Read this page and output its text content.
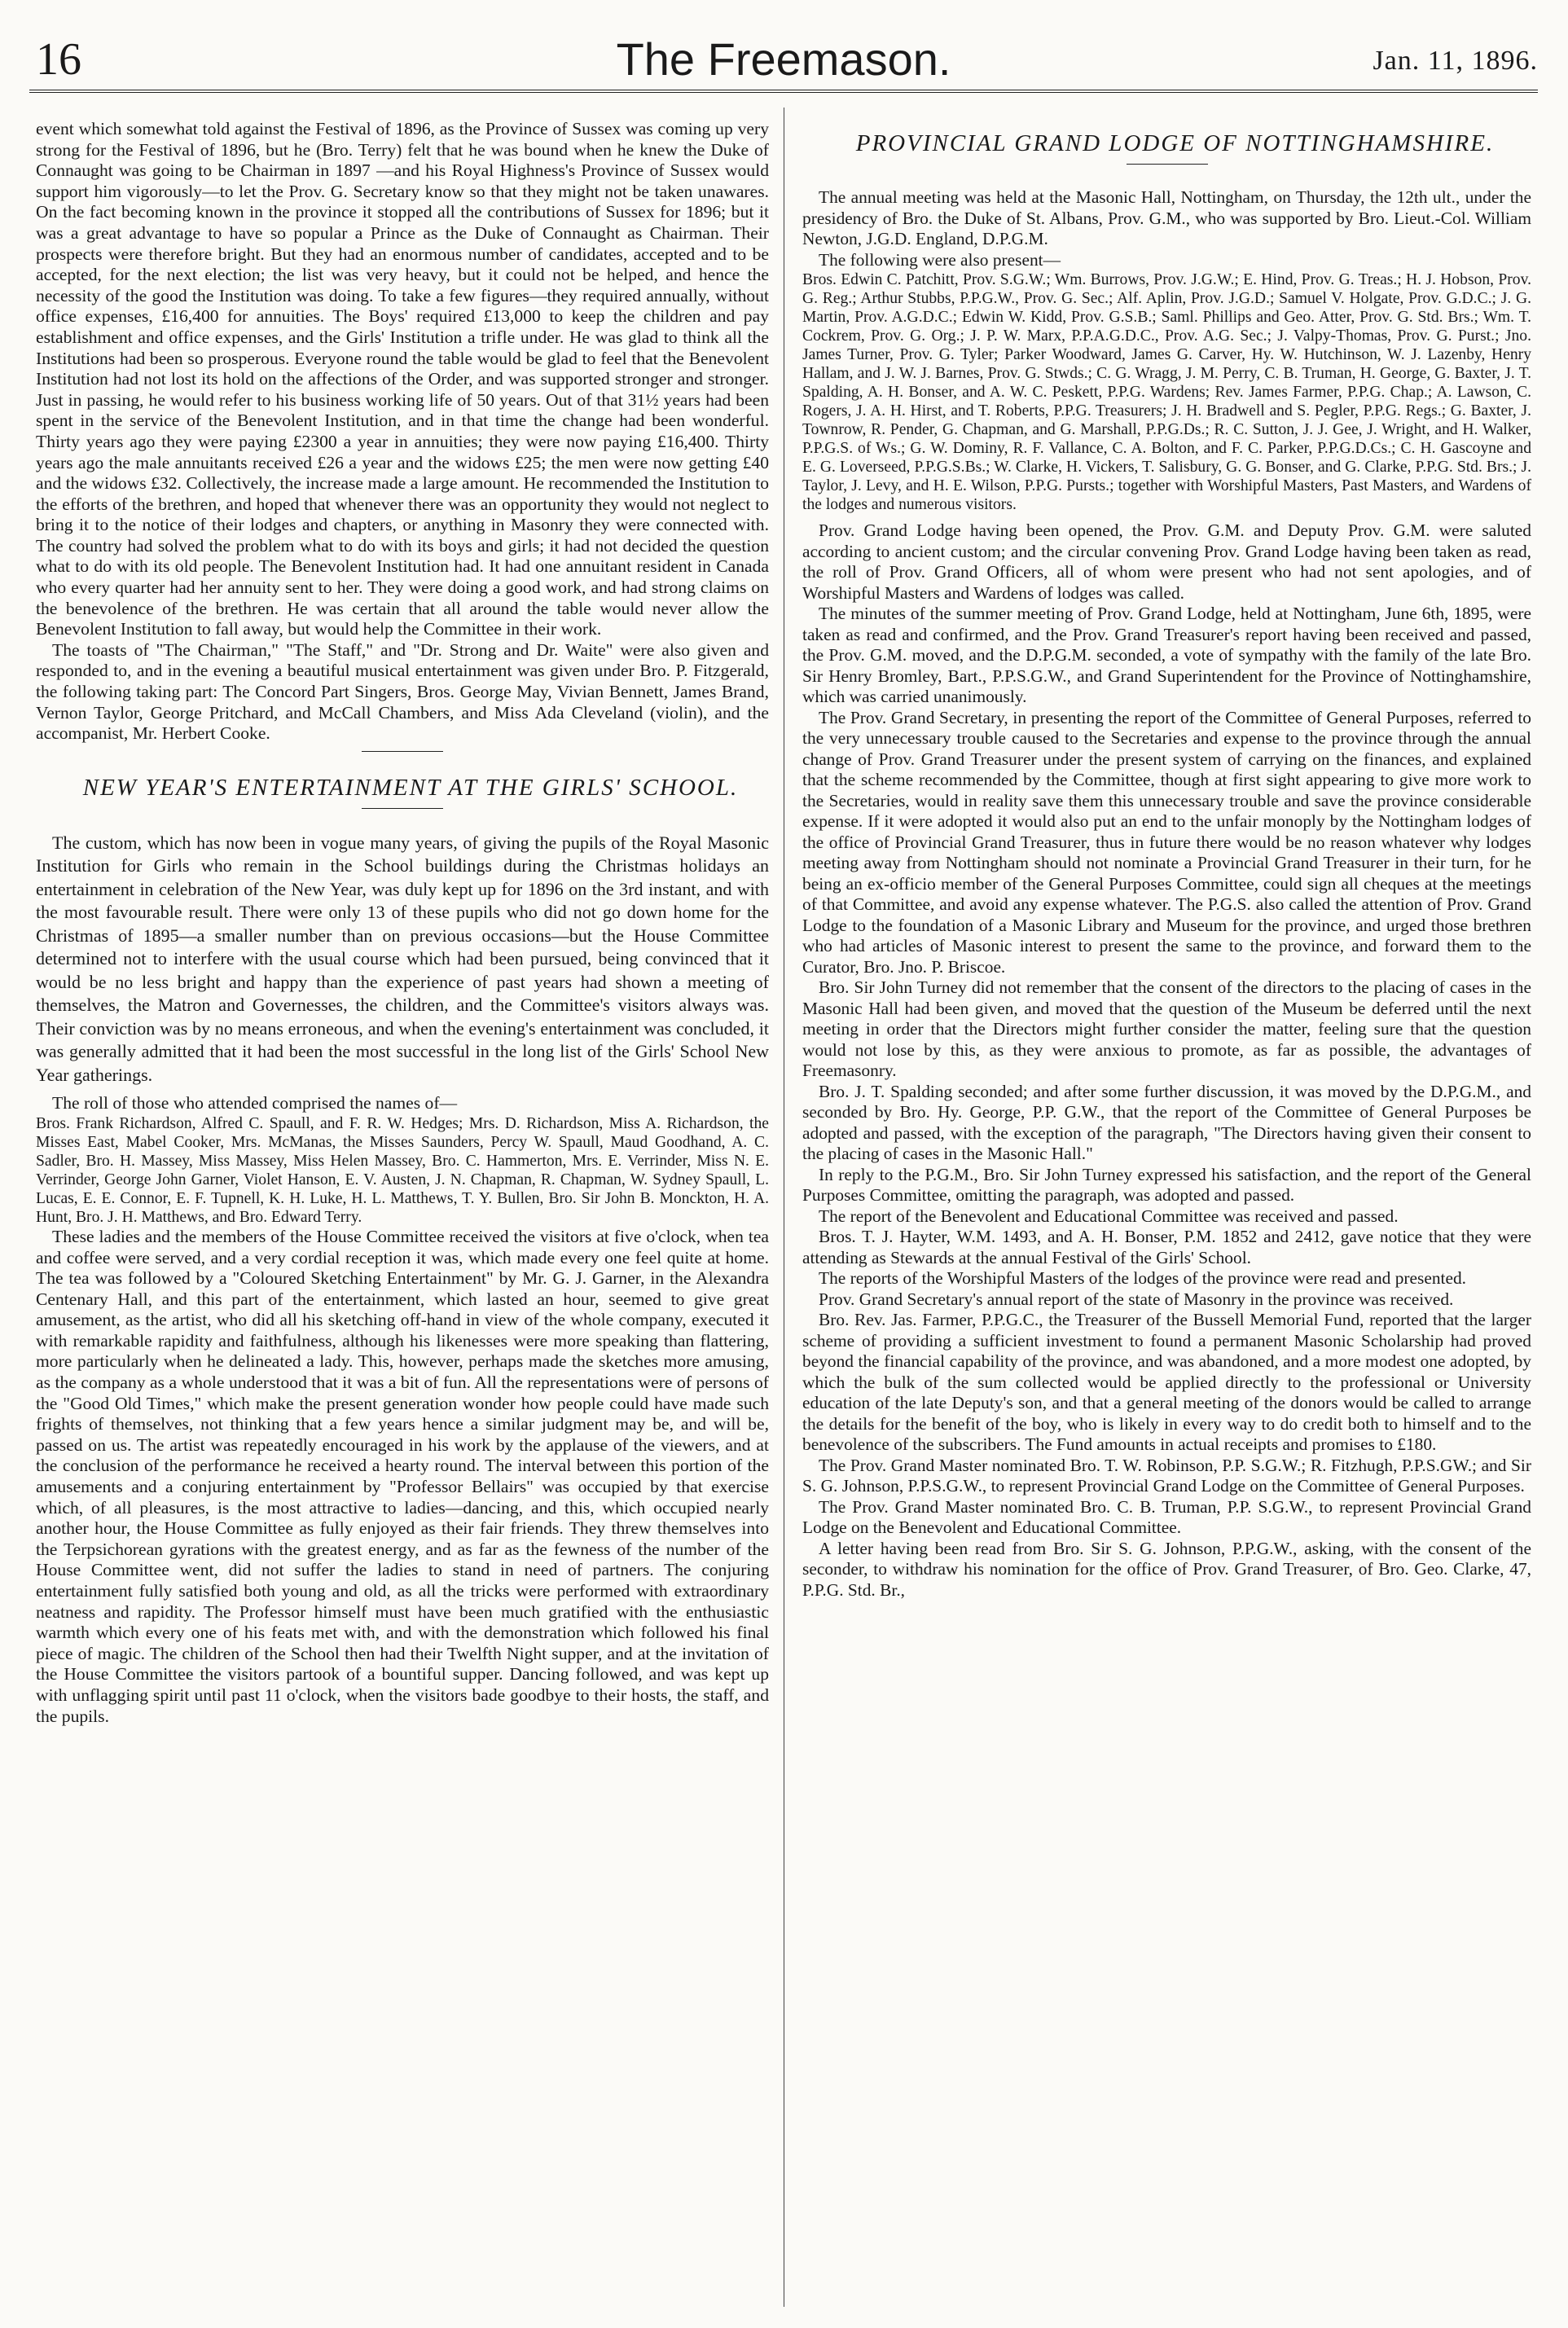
16	The Freemason.	Jan. 11, 1896.

event which somewhat told against the Festival of 1896, as the Province of Sussex was coming up very strong for the Festival of 1896, but he (Bro. Terry) felt that he was bound when he knew the Duke of Connaught was going to be Chairman in 1897 —and his Royal Highness's Province of Sussex would support him vigorously—to let the Prov. G. Secretary know so that they might not be taken unawares. On the fact becoming known in the province it stopped all the contributions of Sussex for 1896; but it was a great advantage to have so popular a Prince as the Duke of Connaught as Chairman. Their prospects were therefore bright. But they had an enormous number of candidates, accepted and to be accepted, for the next election; the list was very heavy, but it could not be helped, and hence the necessity of the good the Institution was doing. To take a few figures—they required annually, without office expenses, £16,400 for annuities. The Boys' required £13,000 to keep the children and pay establishment and office expenses, and the Girls' Institution a trifle under. He was glad to think all the Institutions had been so prosperous. Everyone round the table would be glad to feel that the Benevolent Institution had not lost its hold on the affections of the Order, and was supported stronger and stronger. Just in passing, he would refer to his business working life of 50 years. Out of that 31½ years had been spent in the service of the Benevolent Institution, and in that time the change had been wonderful. Thirty years ago they were paying £2300 a year in annuities; they were now paying £16,400. Thirty years ago the male annuitants received £26 a year and the widows £25; the men were now getting £40 and the widows £32. Collectively, the increase made a large amount. He recommended the Institution to the efforts of the brethren, and hoped that whenever there was an opportunity they would not neglect to bring it to the notice of their lodges and chapters, or anything in Masonry they were connected with. The country had solved the problem what to do with its boys and girls; it had not decided the question what to do with its old people. The Benevolent Institution had. It had one annuitant resident in Canada who every quarter had her annuity sent to her. They were doing a good work, and had strong claims on the benevolence of the brethren. He was certain that all around the table would never allow the Benevolent Institution to fall away, but would help the Committee in their work.

The toasts of "The Chairman," "The Staff," and "Dr. Strong and Dr. Waite" were also given and responded to, and in the evening a beautiful musical entertainment was given under Bro. P. Fitzgerald, the following taking part: The Concord Part Singers, Bros. George May, Vivian Bennett, James Brand, Vernon Taylor, George Pritchard, and McCall Chambers, and Miss Ada Cleveland (violin), and the accompanist, Mr. Herbert Cooke.

NEW YEAR'S ENTERTAINMENT AT THE GIRLS' SCHOOL.

The custom, which has now been in vogue many years, of giving the pupils of the Royal Masonic Institution for Girls who remain in the School buildings during the Christmas holidays an entertainment in celebration of the New Year, was duly kept up for 1896 on the 3rd instant, and with the most favourable result. There were only 13 of these pupils who did not go down home for the Christmas of 1895—a smaller number than on previous occasions—but the House Committee determined not to interfere with the usual course which had been pursued, being convinced that it would be no less bright and happy than the experience of past years had shown a meeting of themselves, the Matron and Governesses, the children, and the Committee's visitors always was. Their conviction was by no means erroneous, and when the evening's entertainment was concluded, it was generally admitted that it had been the most successful in the long list of the Girls' School New Year gatherings.

The roll of those who attended comprised the names of—

Bros. Frank Richardson, Alfred C. Spaull, and F. R. W. Hedges; Mrs. D. Richardson, Miss A. Richardson, the Misses East, Mabel Cooker, Mrs. McManas, the Misses Saunders, Percy W. Spaull, Maud Goodhand, A. C. Sadler, Bro. H. Massey, Miss Massey, Miss Helen Massey, Bro. C. Hammerton, Mrs. E. Verrinder, Miss N. E. Verrinder, George John Garner, Violet Hanson, E. V. Austen, J. N. Chapman, R. Chapman, W. Sydney Spaull, L. Lucas, E. E. Connor, E. F. Tupnell, K. H. Luke, H. L. Matthews, T. Y. Bullen, Bro. Sir John B. Monckton, H. A. Hunt, Bro. J. H. Matthews, and Bro. Edward Terry.

These ladies and the members of the House Committee received the visitors at five o'clock, when tea and coffee were served, and a very cordial reception it was, which made every one feel quite at home. The tea was followed by a "Coloured Sketching Entertainment" by Mr. G. J. Garner, in the Alexandra Centenary Hall, and this part of the entertainment, which lasted an hour, seemed to give great amusement, as the artist, who did all his sketching off-hand in view of the whole company, executed it with remarkable rapidity and faithfulness, although his likenesses were more speaking than flattering, more particularly when he delineated a lady. This, however, perhaps made the sketches more amusing, as the company as a whole understood that it was a bit of fun. All the representations were of persons of the "Good Old Times," which make the present generation wonder how people could have made such frights of themselves, not thinking that a few years hence a similar judgment may be, and will be, passed on us. The artist was repeatedly encouraged in his work by the applause of the viewers, and at the conclusion of the performance he received a hearty round. The interval between this portion of the amusements and a conjuring entertainment by "Professor Bellairs" was occupied by that exercise which, of all pleasures, is the most attractive to ladies—dancing, and this, which occupied nearly another hour, the House Committee as fully enjoyed as their fair friends. They threw themselves into the Terpsichorean gyrations with the greatest energy, and as far as the fewness of the number of the House Committee went, did not suffer the ladies to stand in need of partners. The conjuring entertainment fully satisfied both young and old, as all the tricks were performed with extraordinary neatness and rapidity. The Professor himself must have been much gratified with the enthusiastic warmth which every one of his feats met with, and with the demonstration which followed his final piece of magic. The children of the School then had their Twelfth Night supper, and at the invitation of the House Committee the visitors partook of a bountiful supper. Dancing followed, and was kept up with unflagging spirit until past 11 o'clock, when the visitors bade goodbye to their hosts, the staff, and the pupils.

PROVINCIAL GRAND LODGE OF NOTTINGHAMSHIRE.

The annual meeting was held at the Masonic Hall, Nottingham, on Thursday, the 12th ult., under the presidency of Bro. the Duke of St. Albans, Prov. G.M., who was supported by Bro. Lieut.-Col. William Newton, J.G.D. England, D.P.G.M.

The following were also present—

Bros. Edwin C. Patchitt, Prov. S.G.W.; Wm. Burrows, Prov. J.G.W.; E. Hind, Prov. G. Treas.; H. J. Hobson, Prov. G. Reg.; Arthur Stubbs, P.P.G.W., Prov. G. Sec.; Alf. Aplin, Prov. J.G.D.; Samuel V. Holgate, Prov. G.D.C.; J. G. Martin, Prov. A.G.D.C.; Edwin W. Kidd, Prov. G.S.B.; Saml. Phillips and Geo. Atter, Prov. G. Std. Brs.; Wm. T. Cockrem, Prov. G. Org.; J. P. W. Marx, P.P.A.G.D.C., Prov. A.G. Sec.; J. Valpy-Thomas, Prov. G. Purst.; Jno. James Turner, Prov. G. Tyler; Parker Woodward, James G. Carver, Hy. W. Hutchinson, W. J. Lazenby, Henry Hallam, and J. W. J. Barnes, Prov. G. Stwds.; C. G. Wragg, J. M. Perry, C. B. Truman, H. George, G. Baxter, J. T. Spalding, A. H. Bonser, and A. W. C. Peskett, P.P.G. Wardens; Rev. James Farmer, P.P.G. Chap.; A. Lawson, C. Rogers, J. A. H. Hirst, and T. Roberts, P.P.G. Treasurers; J. H. Bradwell and S. Pegler, P.P.G. Regs.; G. Baxter, J. Townrow, R. Pender, G. Chapman, and G. Marshall, P.P.G.Ds.; R. C. Sutton, J. J. Gee, J. Wright, and H. Walker, P.P.G.S. of Ws.; G. W. Dominy, R. F. Vallance, C. A. Bolton, and F. C. Parker, P.P.G.D.Cs.; C. H. Gascoyne and E. G. Loverseed, P.P.G.S.Bs.; W. Clarke, H. Vickers, T. Salisbury, G. G. Bonser, and G. Clarke, P.P.G. Std. Brs.; J. Taylor, J. Levy, and H. E. Wilson, P.P.G. Pursts.; together with Worshipful Masters, Past Masters, and Wardens of the lodges and numerous visitors.

Prov. Grand Lodge having been opened, the Prov. G.M. and Deputy Prov. G.M. were saluted according to ancient custom; and the circular convening Prov. Grand Lodge having been taken as read, the roll of Prov. Grand Officers, all of whom were present who had not sent apologies, and of Worshipful Masters and Wardens of lodges was called.

The minutes of the summer meeting of Prov. Grand Lodge, held at Nottingham, June 6th, 1895, were taken as read and confirmed, and the Prov. Grand Treasurer's report having been received and passed, the Prov. G.M. moved, and the D.P.G.M. seconded, a vote of sympathy with the family of the late Bro. Sir Henry Bromley, Bart., P.P.S.G.W., and Grand Superintendent for the Province of Nottinghamshire, which was carried unanimously.

The Prov. Grand Secretary, in presenting the report of the Committee of General Purposes, referred to the very unnecessary trouble caused to the Secretaries and expense to the province through the annual change of Prov. Grand Treasurer under the present system of carrying on the finances, and explained that the scheme recommended by the Committee, though at first sight appearing to give more work to the Secretaries, would in reality save them this unnecessary trouble and save the province considerable expense. If it were adopted it would also put an end to the unfair monoply by the Nottingham lodges of the office of Provincial Grand Treasurer, thus in future there would be no reason whatever why lodges meeting away from Nottingham should not nominate a Provincial Grand Treasurer in their turn, for he being an ex-officio member of the General Purposes Committee, could sign all cheques at the meetings of that Committee, and avoid any expense whatever. The P.G.S. also called the attention of Prov. Grand Lodge to the foundation of a Masonic Library and Museum for the province, and urged those brethren who had articles of Masonic interest to present the same to the province, and forward them to the Curator, Bro. Jno. P. Briscoe.

Bro. Sir John Turney did not remember that the consent of the directors to the placing of cases in the Masonic Hall had been given, and moved that the question of the Museum be deferred until the next meeting in order that the Directors might further consider the matter, feeling sure that the question would not lose by this, as they were anxious to promote, as far as possible, the advantages of Freemasonry.

Bro. J. T. Spalding seconded; and after some further discussion, it was moved by the D.P.G.M., and seconded by Bro. Hy. George, P.P. G.W., that the report of the Committee of General Purposes be adopted and passed, with the exception of the paragraph, "The Directors having given their consent to the placing of cases in the Masonic Hall."

In reply to the P.G.M., Bro. Sir John Turney expressed his satisfaction, and the report of the General Purposes Committee, omitting the paragraph, was adopted and passed.

The report of the Benevolent and Educational Committee was received and passed.

Bros. T. J. Hayter, W.M. 1493, and A. H. Bonser, P.M. 1852 and 2412, gave notice that they were attending as Stewards at the annual Festival of the Girls' School.

The reports of the Worshipful Masters of the lodges of the province were read and presented.

Prov. Grand Secretary's annual report of the state of Masonry in the province was received.

Bro. Rev. Jas. Farmer, P.P.G.C., the Treasurer of the Bussell Memorial Fund, reported that the larger scheme of providing a sufficient investment to found a permanent Masonic Scholarship had proved beyond the financial capability of the province, and was abandoned, and a more modest one adopted, by which the bulk of the sum collected would be applied directly to the professional or University education of the late Deputy's son, and that a general meeting of the donors would be called to arrange the details for the benefit of the boy, who is likely in every way to do credit both to himself and to the benevolence of the subscribers. The Fund amounts in actual receipts and promises to £180.

The Prov. Grand Master nominated Bro. T. W. Robinson, P.P. S.G.W.; R. Fitzhugh, P.P.S.GW.; and Sir S. G. Johnson, P.P.S.G.W., to represent Provincial Grand Lodge on the Committee of General Purposes.

The Prov. Grand Master nominated Bro. C. B. Truman, P.P. S.G.W., to represent Provincial Grand Lodge on the Benevolent and Educational Committee.

A letter having been read from Bro. Sir S. G. Johnson, P.P.G.W., asking, with the consent of the seconder, to withdraw his nomination for the office of Prov. Grand Treasurer, of Bro. Geo. Clarke, 47, P.P.G. Std. Br.,
